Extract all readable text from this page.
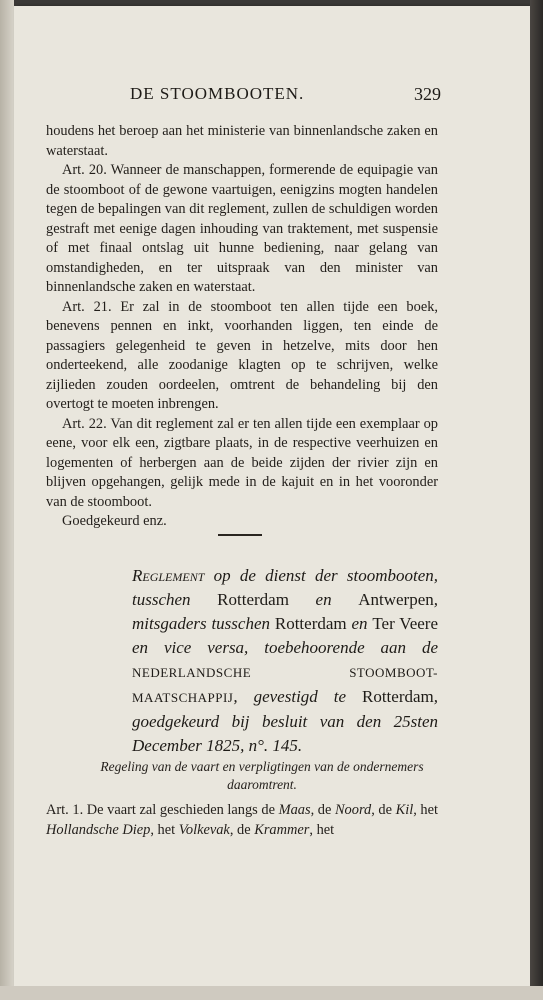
DE STOOMBOOTEN.	329

houdens het beroep aan het ministerie van binnenlandsche zaken en waterstaat.

Art. 20. Wanneer de manschappen, formerende de equipagie van de stoomboot of de gewone vaartuigen, eenigzins mogten handelen tegen de bepalingen van dit reglement, zullen de schuldigen worden gestraft met eenige dagen inhouding van traktement, met suspensie of met finaal ontslag uit hunne bediening, naar gelang van omstandigheden, en ter uitspraak van den minister van binnenlandsche zaken en waterstaat.

Art. 21. Er zal in de stoomboot ten allen tijde een boek, benevens pennen en inkt, voorhanden liggen, ten einde de passagiers gelegenheid te geven in hetzelve, mits door hen onderteekend, alle zoodanige klagten op te schrijven, welke zijlieden zouden oordeelen, omtrent de behandeling bij den overtogt te moeten inbrengen.

Art. 22. Van dit reglement zal er ten allen tijde een exemplaar op eene, voor elk een, zigtbare plaats, in de respective veerhuizen en logementen of herbergen aan de beide zijden der rivier zijn en blijven opgehangen, gelijk mede in de kajuit en in het vooronder van de stoomboot.

Goedgekeurd enz.

Reglement op de dienst der stoombooten, tusschen Rotterdam en Antwerpen, mitsgaders tusschen Rotterdam en Ter Veere en vice versa, toebehoorende aan de NEDERLANDSCHE STOOMBOOT-MAATSCHAPPIJ, gevestigd te Rotterdam, goedgekeurd bij besluit van den 25sten December 1825, n°. 145.
Regeling van de vaart en verpligtingen van de ondernemers daaromtrent.
Art. 1. De vaart zal geschieden langs de Maas, de Noord, de Kil, het Hollandsche Diep, het Volkevak, de Krammer, het
